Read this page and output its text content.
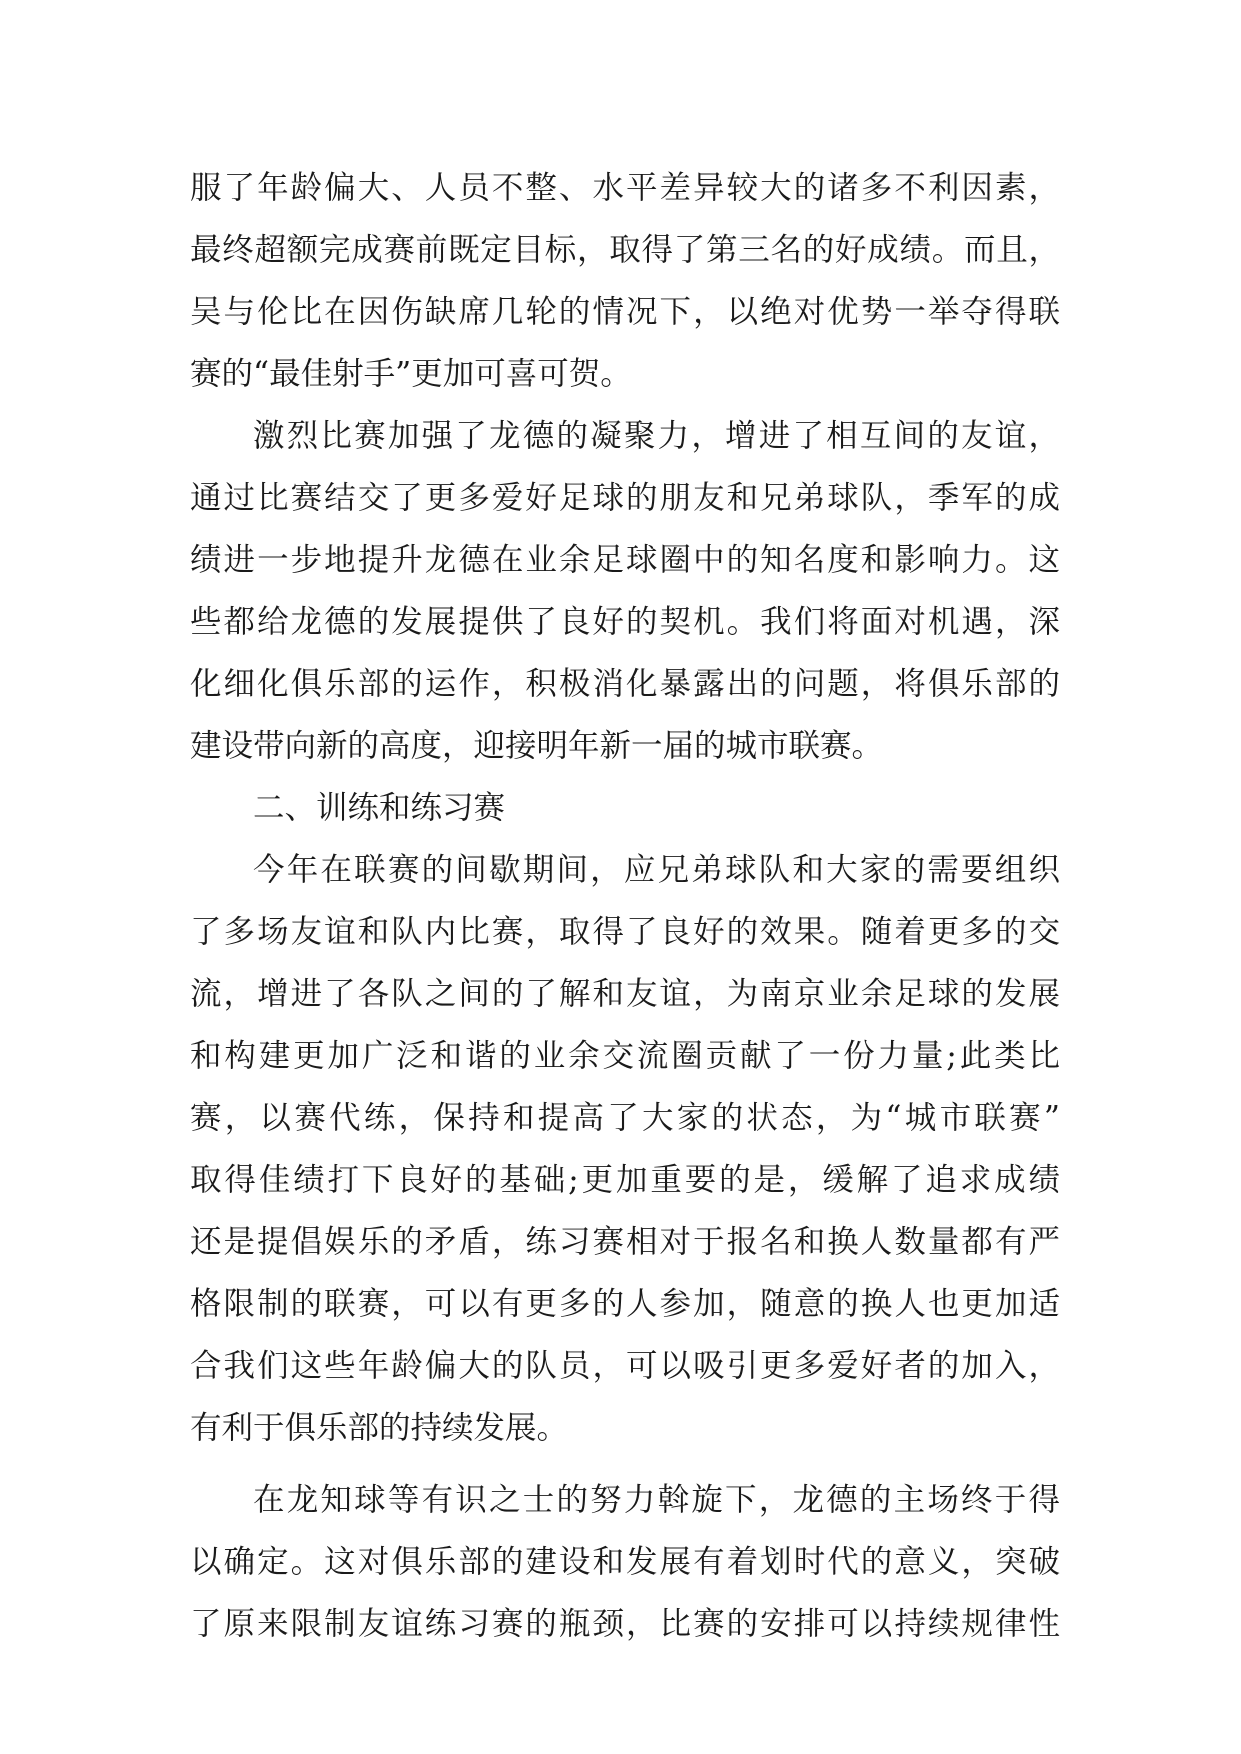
服了年龄偏大、人员不整、水平差异较大的诸多不利因素，
最终超额完成赛前既定目标，取得了第三名的好成绩。而且，
吴与伦比在因伤缺席几轮的情况下，以绝对优势一举夺得联
赛的“最佳射手”更加可喜可贺。
激烈比赛加强了龙德的凝聚力，增进了相互间的友谊，
通过比赛结交了更多爱好足球的朋友和兄弟球队，季军的成
绩进一步地提升龙德在业余足球圈中的知名度和影响力。这
些都给龙德的发展提供了良好的契机。我们将面对机遇，深
化细化俱乐部的运作，积极消化暴露出的问题，将俱乐部的
建设带向新的高度，迎接明年新一届的城市联赛。
二、训练和练习赛
今年在联赛的间歇期间，应兄弟球队和大家的需要组织
了多场友谊和队内比赛，取得了良好的效果。随着更多的交
流，增进了各队之间的了解和友谊，为南京业余足球的发展
和构建更加广泛和谐的业余交流圈贡献了一份力量;此类比
赛，以赛代练，保持和提高了大家的状态，为“城市联赛”
取得佳绩打下良好的基础;更加重要的是，缓解了追求成绩
还是提倡娱乐的矛盾，练习赛相对于报名和换人数量都有严
格限制的联赛，可以有更多的人参加，随意的换人也更加适
合我们这些年龄偏大的队员，可以吸引更多爱好者的加入，
有利于俱乐部的持续发展。
在龙知球等有识之士的努力斡旋下，龙德的主场终于得
以确定。这对俱乐部的建设和发展有着划时代的意义，突破
了原来限制友谊练习赛的瓶颈，比赛的安排可以持续规律性
